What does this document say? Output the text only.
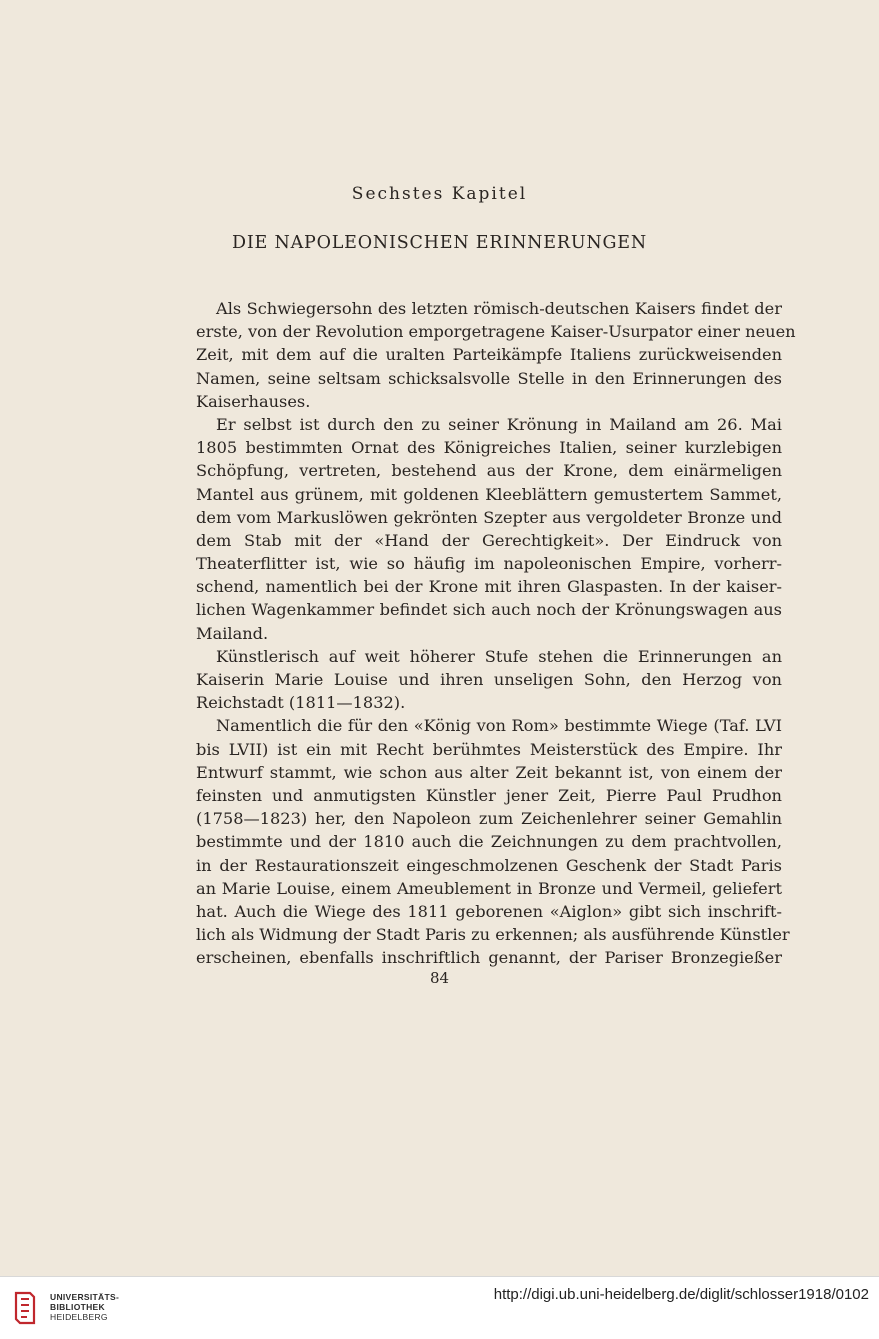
Sechstes Kapitel
DIE NAPOLEONISCHEN ERINNERUNGEN
Als Schwiegersohn des letzten römisch-deutschen Kaisers findet der
erste, von der Revolution emporgetragene Kaiser-Usurpator einer neuen
Zeit, mit dem auf die uralten Parteikämpfe Italiens zurückweisenden
Namen, seine seltsam schicksalsvolle Stelle in den Erinnerungen des
Kaiserhauses.
Er selbst ist durch den zu seiner Krönung in Mailand am 26. Mai
1805 bestimmten Ornat des Königreiches Italien, seiner kurzlebigen
Schöpfung, vertreten, bestehend aus der Krone, dem einärmeligen
Mantel aus grünem, mit goldenen Kleeblättern gemustertem Sammet,
dem vom Markuslöwen gekrönten Szepter aus vergoldeter Bronze und
dem Stab mit der «Hand der Gerechtigkeit». Der Eindruck von
Theaterflitter ist, wie so häufig im napoleonischen Empire, vorherr-
schend, namentlich bei der Krone mit ihren Glaspasten. In der kaiser-
lichen Wagenkammer befindet sich auch noch der Krönungswagen aus
Mailand.
Künstlerisch auf weit höherer Stufe stehen die Erinnerungen an
Kaiserin Marie Louise und ihren unseligen Sohn, den Herzog von
Reichstadt (1811—1832).
Namentlich die für den «König von Rom» bestimmte Wiege (Taf. LVI
bis LVII) ist ein mit Recht berühmtes Meisterstück des Empire. Ihr
Entwurf stammt, wie schon aus alter Zeit bekannt ist, von einem der
feinsten und anmutigsten Künstler jener Zeit, Pierre Paul Prudhon
(1758—1823) her, den Napoleon zum Zeichenlehrer seiner Gemahlin
bestimmte und der 1810 auch die Zeichnungen zu dem prachtvollen,
in der Restaurationszeit eingeschmolzenen Geschenk der Stadt Paris
an Marie Louise, einem Ameublement in Bronze und Vermeil, geliefert
hat. Auch die Wiege des 1811 geborenen «Aiglon» gibt sich inschrift-
lich als Widmung der Stadt Paris zu erkennen; als ausführende Künstler
erscheinen, ebenfalls inschriftlich genannt, der Pariser Bronzegießer
84
UNIVERSITÄTS-
BIBLIOTHEK
HEIDELBERG
http://digi.ub.uni-heidelberg.de/diglit/schlosser1918/0102
